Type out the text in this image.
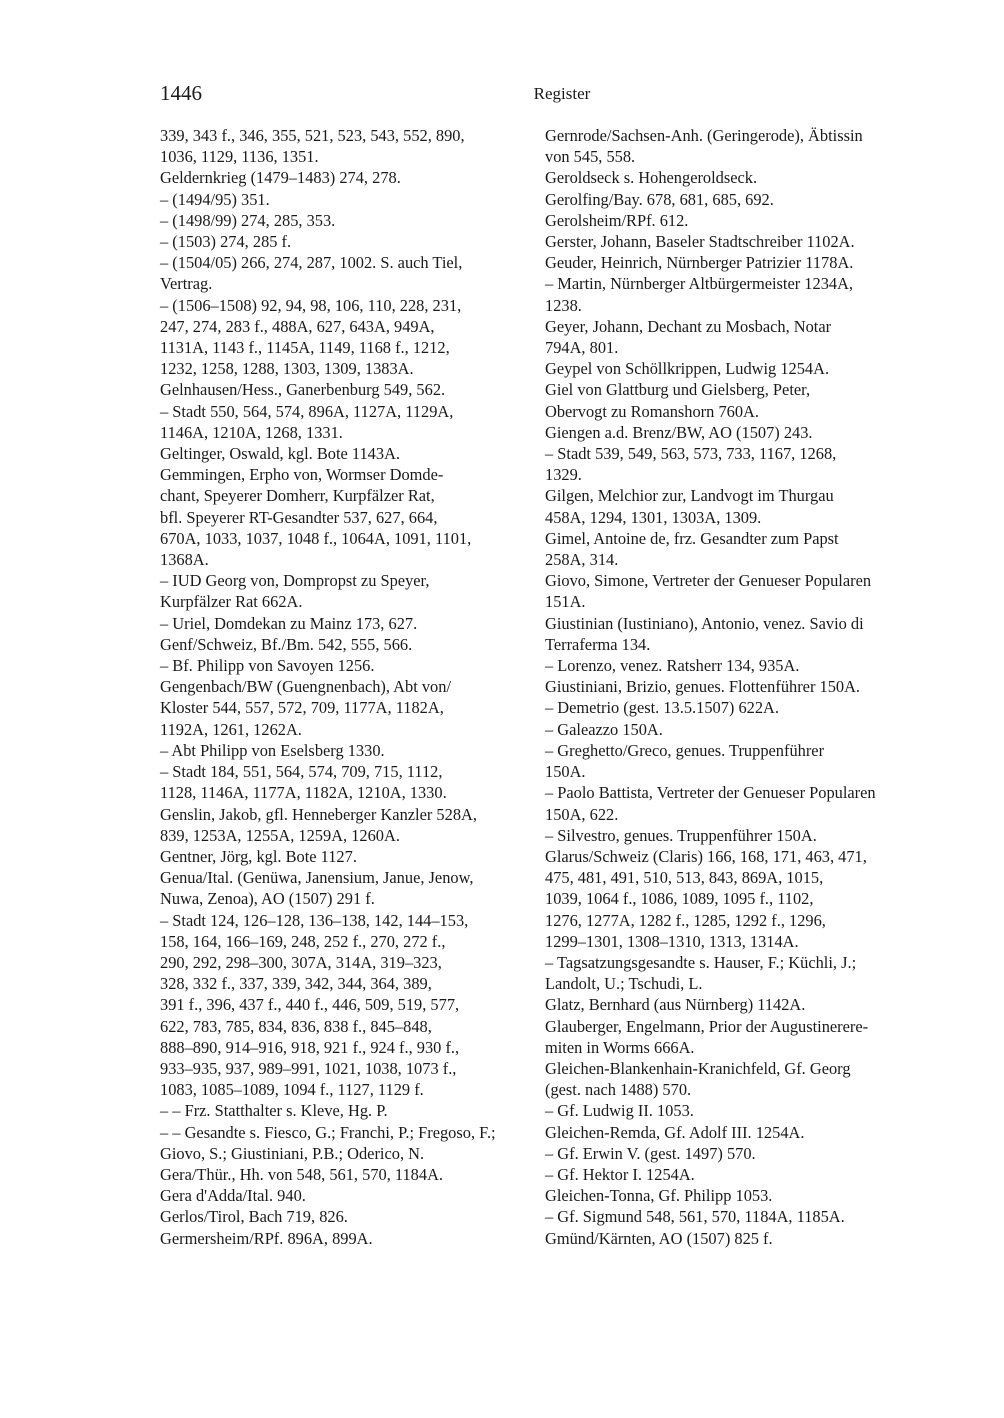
1446	Register
339, 343 f., 346, 355, 521, 523, 543, 552, 890,
1036, 1129, 1136, 1351.
Geldernkrieg (1479–1483) 274, 278.
– (1494/95) 351.
– (1498/99) 274, 285, 353.
– (1503) 274, 285 f.
– (1504/05) 266, 274, 287, 1002. S. auch Tiel,
Vertrag.
– (1506–1508) 92, 94, 98, 106, 110, 228, 231,
247, 274, 283 f., 488A, 627, 643A, 949A,
1131A, 1143 f., 1145A, 1149, 1168 f., 1212,
1232, 1258, 1288, 1303, 1309, 1383A.
Gelnhausen/Hess., Ganerbenburg 549, 562.
– Stadt 550, 564, 574, 896A, 1127A, 1129A,
1146A, 1210A, 1268, 1331.
Geltinger, Oswald, kgl. Bote 1143A.
Gemmingen, Erpho von, Wormser Domde-
chant, Speyerer Domherr, Kurpfälzer Rat,
bfl. Speyerer RT-Gesandter 537, 627, 664,
670A, 1033, 1037, 1048 f., 1064A, 1091, 1101,
1368A.
– IUD Georg von, Dompropst zu Speyer,
Kurpfälzer Rat 662A.
– Uriel, Domdekan zu Mainz 173, 627.
Genf/Schweiz, Bf./Bm. 542, 555, 566.
– Bf. Philipp von Savoyen 1256.
Gengenbach/BW (Guengnenbach), Abt von/
Kloster 544, 557, 572, 709, 1177A, 1182A,
1192A, 1261, 1262A.
– Abt Philipp von Eselsberg 1330.
– Stadt 184, 551, 564, 574, 709, 715, 1112,
1128, 1146A, 1177A, 1182A, 1210A, 1330.
Genslin, Jakob, gfl. Henneberger Kanzler 528A,
839, 1253A, 1255A, 1259A, 1260A.
Gentner, Jörg, kgl. Bote 1127.
Genua/Ital. (Genüwa, Janensium, Janue, Jenow,
Nuwa, Zenoa), AO (1507) 291 f.
– Stadt 124, 126–128, 136–138, 142, 144–153,
158, 164, 166–169, 248, 252 f., 270, 272 f.,
290, 292, 298–300, 307A, 314A, 319–323,
328, 332 f., 337, 339, 342, 344, 364, 389,
391 f., 396, 437 f., 440 f., 446, 509, 519, 577,
622, 783, 785, 834, 836, 838 f., 845–848,
888–890, 914–916, 918, 921 f., 924 f., 930 f.,
933–935, 937, 989–991, 1021, 1038, 1073 f.,
1083, 1085–1089, 1094 f., 1127, 1129 f.
– – Frz. Statthalter s. Kleve, Hg. P.
– – Gesandte s. Fiesco, G.; Franchi, P.; Fregoso, F.;
Giovo, S.; Giustiniani, P.B.; Oderico, N.
Gera/Thür., Hh. von 548, 561, 570, 1184A.
Gera d'Adda/Ital. 940.
Gerlos/Tirol, Bach 719, 826.
Germersheim/RPf. 896A, 899A.
Gernrode/Sachsen-Anh. (Geringerode), Äbtissin
von 545, 558.
Geroldseck s. Hohengeroldseck.
Gerolfing/Bay. 678, 681, 685, 692.
Gerolsheim/RPf. 612.
Gerster, Johann, Baseler Stadtschreiber 1102A.
Geuder, Heinrich, Nürnberger Patrizier 1178A.
– Martin, Nürnberger Altbürgermeister 1234A,
1238.
Geyer, Johann, Dechant zu Mosbach, Notar
794A, 801.
Geypel von Schöllkrippen, Ludwig 1254A.
Giel von Glattburg und Gielsberg, Peter,
Obervogt zu Romanshorn 760A.
Giengen a.d. Brenz/BW, AO (1507) 243.
– Stadt 539, 549, 563, 573, 733, 1167, 1268,
1329.
Gilgen, Melchior zur, Landvogt im Thurgau
458A, 1294, 1301, 1303A, 1309.
Gimel, Antoine de, frz. Gesandter zum Papst
258A, 314.
Giovo, Simone, Vertreter der Genueser Popularen
151A.
Giustinian (Iustiniano), Antonio, venez. Savio di
Terraferma 134.
– Lorenzo, venez. Ratsherr 134, 935A.
Giustiniani, Brizio, genues. Flottenführer 150A.
– Demetrio (gest. 13.5.1507) 622A.
– Galeazzo 150A.
– Greghetto/Greco, genues. Truppenführer
150A.
– Paolo Battista, Vertreter der Genueser Popularen
150A, 622.
– Silvestro, genues. Truppenführer 150A.
Glarus/Schweiz (Claris) 166, 168, 171, 463, 471,
475, 481, 491, 510, 513, 843, 869A, 1015,
1039, 1064 f., 1086, 1089, 1095 f., 1102,
1276, 1277A, 1282 f., 1285, 1292 f., 1296,
1299–1301, 1308–1310, 1313, 1314A.
– Tagsatzungsgesandte s. Hauser, F.; Küchli, J.;
Landolt, U.; Tschudi, L.
Glatz, Bernhard (aus Nürnberg) 1142A.
Glauberger, Engelmann, Prior der Augustinerere-
miten in Worms 666A.
Gleichen-Blankenhain-Kranichfeld, Gf. Georg
(gest. nach 1488) 570.
– Gf. Ludwig II. 1053.
Gleichen-Remda, Gf. Adolf III. 1254A.
– Gf. Erwin V. (gest. 1497) 570.
– Gf. Hektor I. 1254A.
Gleichen-Tonna, Gf. Philipp 1053.
– Gf. Sigmund 548, 561, 570, 1184A, 1185A.
Gmünd/Kärnten, AO (1507) 825 f.
